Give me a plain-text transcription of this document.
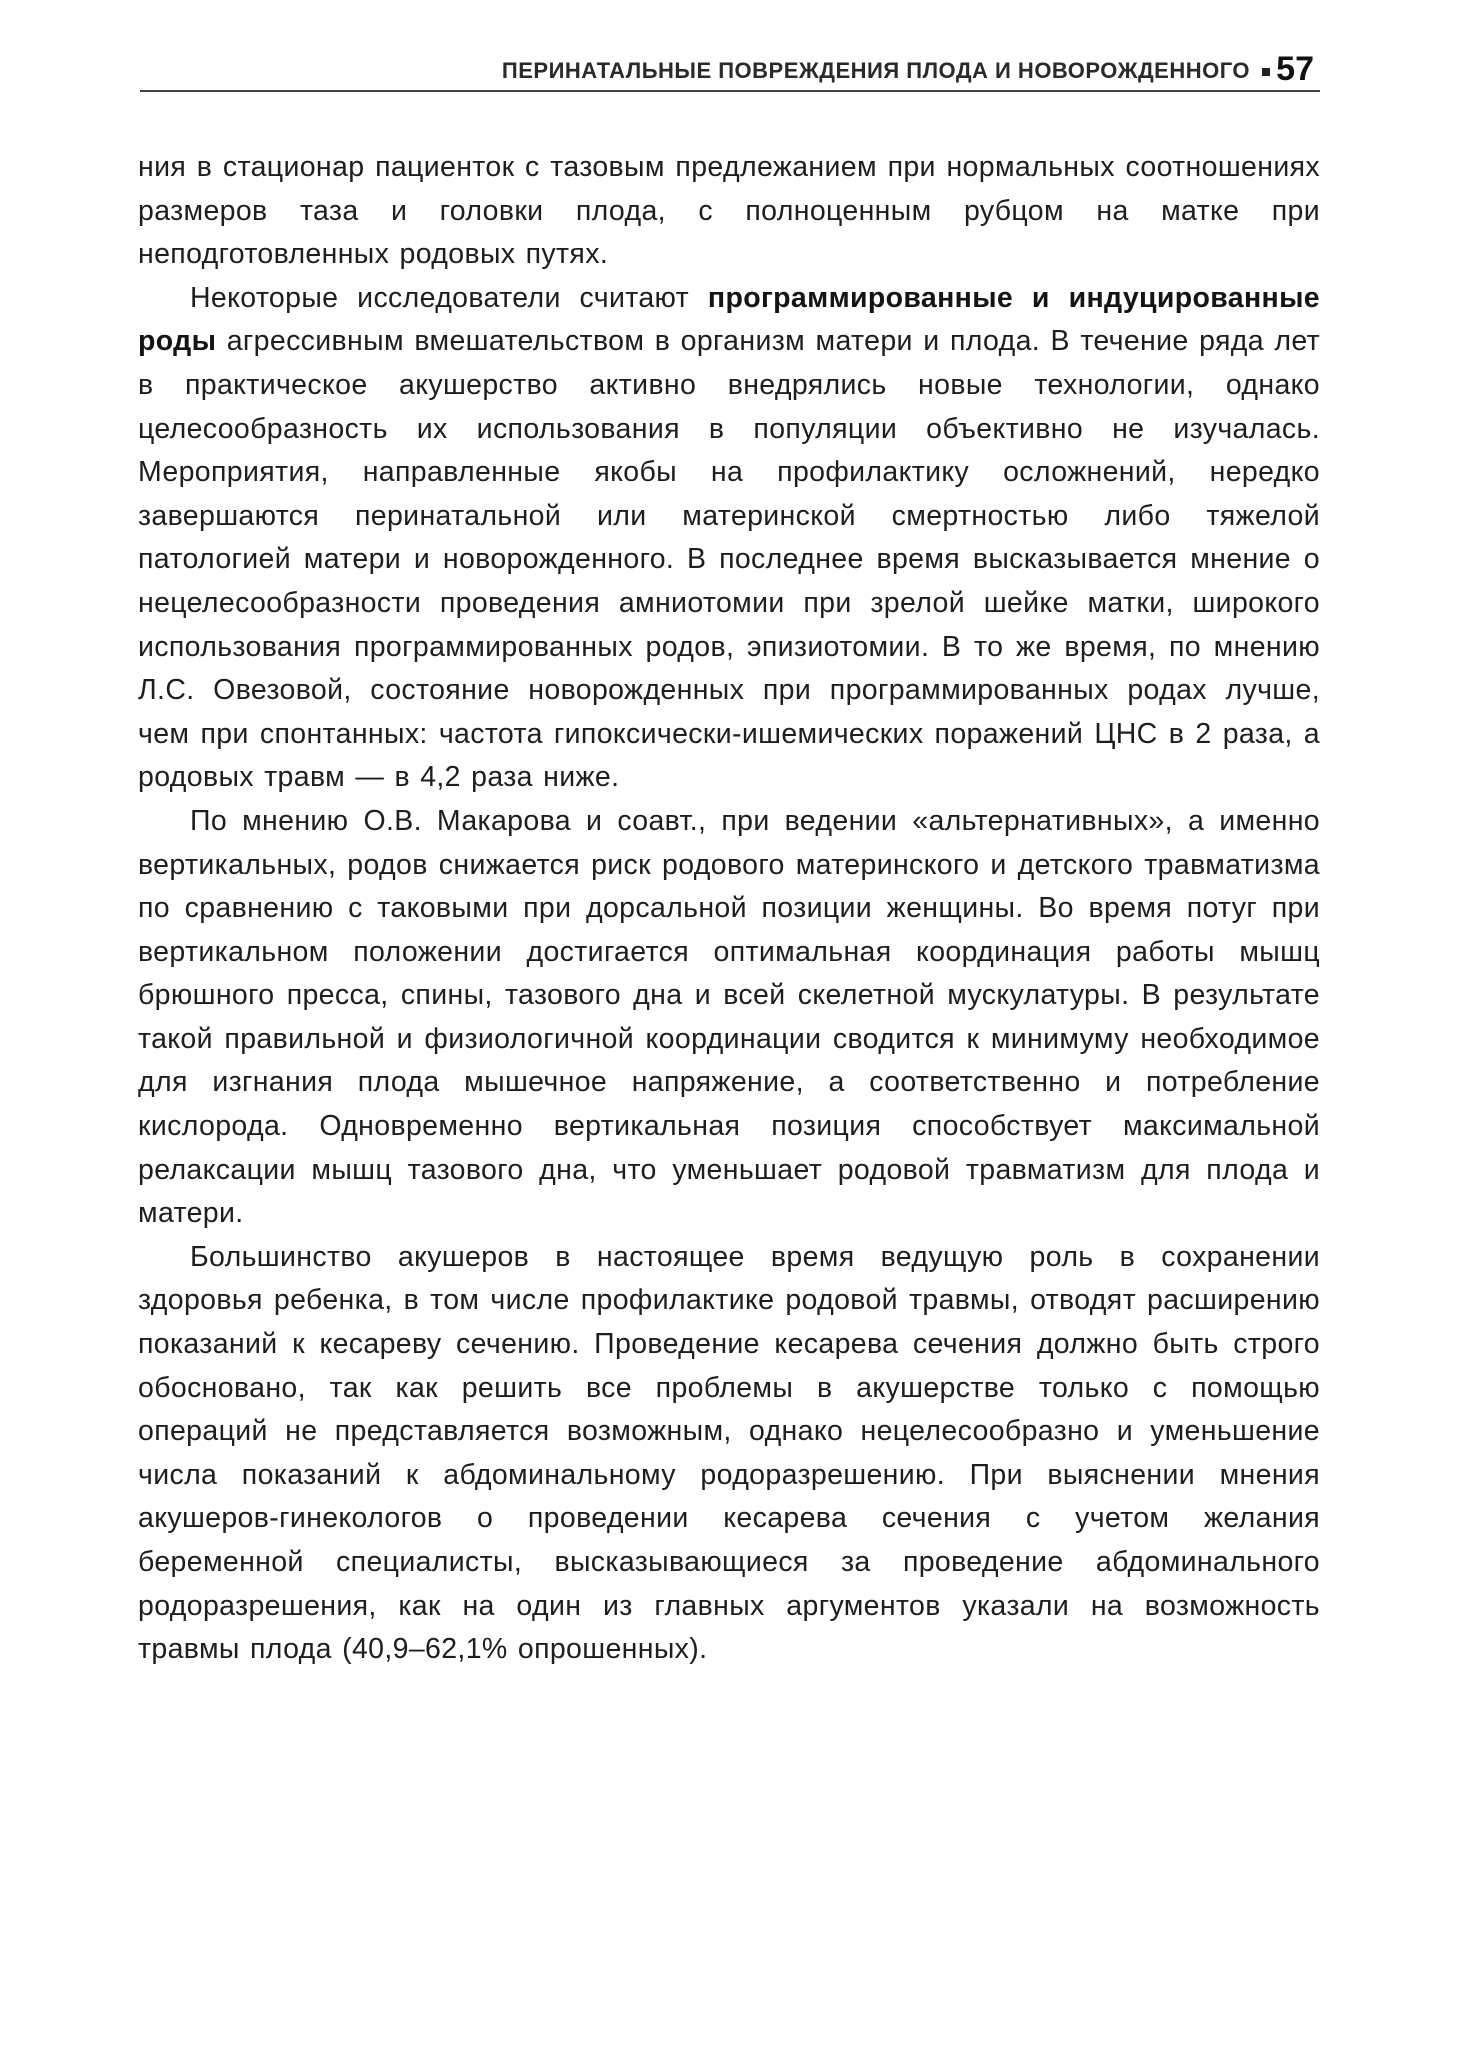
ПЕРИНАТАЛЬНЫЕ ПОВРЕЖДЕНИЯ ПЛОДА И НОВОРОЖДЕННОГО 57

ния в стационар пациенток с тазовым предлежанием при нормальных соотношениях размеров таза и головки плода, с полноценным рубцом на матке при неподготовленных родовых путях.

Некоторые исследователи считают программированные и индуцированные роды агрессивным вмешательством в организм матери и плода. В течение ряда лет в практическое акушерство активно внедрялись новые технологии, однако целесообразность их использования в популяции объективно не изучалась. Мероприятия, направленные якобы на профилактику осложнений, нередко завершаются перинатальной или материнской смертностью либо тяжелой патологией матери и новорожденного. В последнее время высказывается мнение о нецелесообразности проведения амниотомии при зрелой шейке матки, широкого использования программированных родов, эпизиотомии. В то же время, по мнению Л.С. Овезовой, состояние новорожденных при программированных родах лучше, чем при спонтанных: частота гипоксически-ишемических поражений ЦНС в 2 раза, а родовых травм — в 4,2 раза ниже.

По мнению О.В. Макарова и соавт., при ведении «альтернативных», а именно вертикальных, родов снижается риск родового материнского и детского травматизма по сравнению с таковыми при дорсальной позиции женщины. Во время потуг при вертикальном положении достигается оптимальная координация работы мышц брюшного пресса, спины, тазового дна и всей скелетной мускулатуры. В результате такой правильной и физиологичной координации сводится к минимуму необходимое для изгнания плода мышечное напряжение, а соответственно и потребление кислорода. Одновременно вертикальная позиция способствует максимальной релаксации мышц тазового дна, что уменьшает родовой травматизм для плода и матери.

Большинство акушеров в настоящее время ведущую роль в сохранении здоровья ребенка, в том числе профилактике родовой травмы, отводят расширению показаний к кесареву сечению. Проведение кесарева сечения должно быть строго обосновано, так как решить все проблемы в акушерстве только с помощью операций не представляется возможным, однако нецелесообразно и уменьшение числа показаний к абдоминальному родоразрешению. При выяснении мнения акушеров-гинекологов о проведении кесарева сечения с учетом желания беременной специалисты, высказывающиеся за проведение абдоминального родоразрешения, как на один из главных аргументов указали на возможность травмы плода (40,9–62,1% опрошенных).
